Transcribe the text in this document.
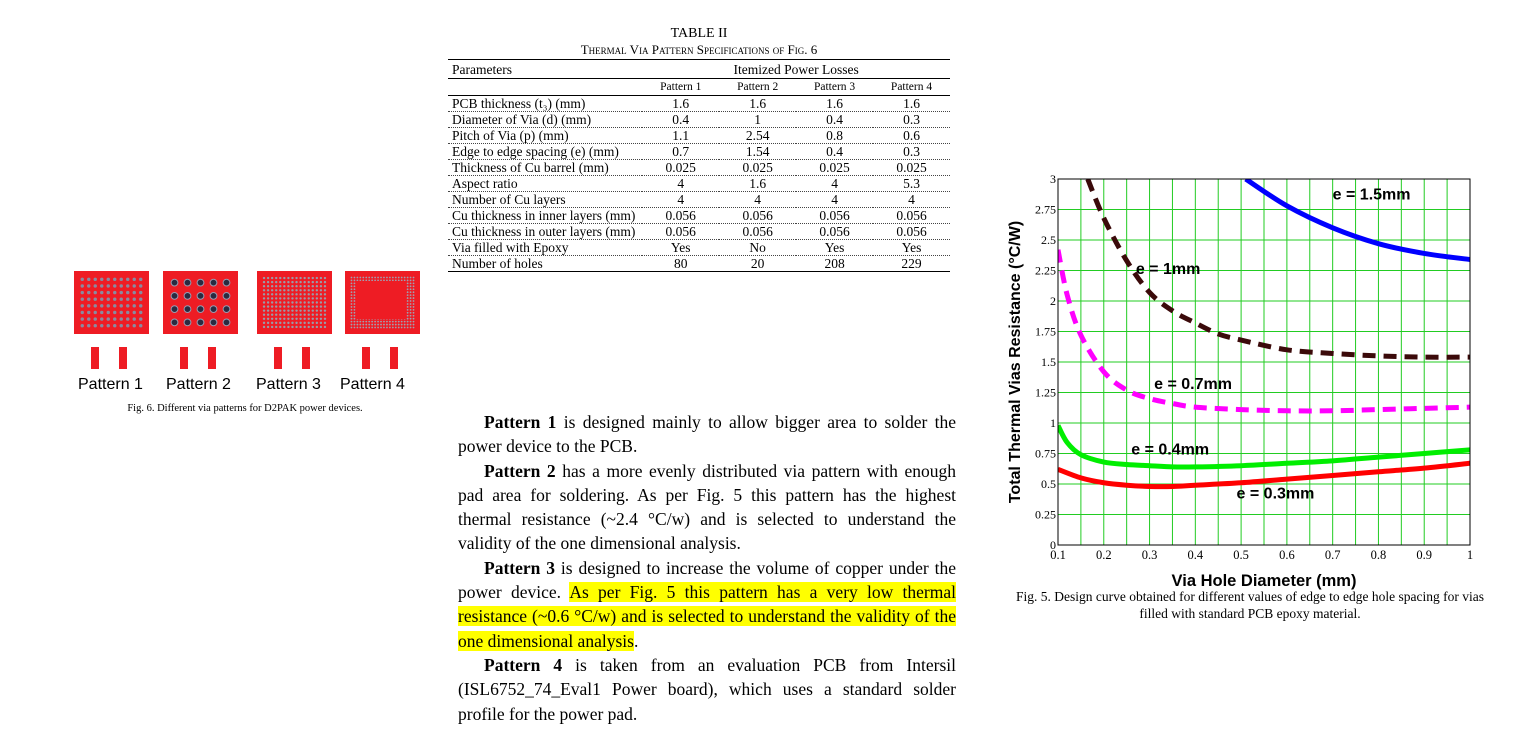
Pattern 1 Pattern 2 Pattern 3 Pattern 4
Fig. 6. Different via patterns for D2PAK power devices.
TABLE II
Thermal Via Pattern Specifications of Fig. 6
Parameters	Itemized Power Losses			
	Pattern 1	Pattern 2	Pattern 3	Pattern 4
PCB thickness (t₃) (mm)	1.6	1.6	1.6	1.6
Diameter of Via (d) (mm)	0.4	1	0.4	0.3
Pitch of Via (p) (mm)	1.1	2.54	0.8	0.6
Edge to edge spacing (e) (mm)	0.7	1.54	0.4	0.3
Thickness of Cu barrel (mm)	0.025	0.025	0.025	0.025
Aspect ratio	4	1.6	4	5.3
Number of Cu layers	4	4	4	4
Cu thickness in inner layers (mm)	0.056	0.056	0.056	0.056
Cu thickness in outer layers (mm)	0.056	0.056	0.056	0.056
Via filled with Epoxy	Yes	No	Yes	Yes
Number of holes	80	20	208	229

Pattern 1 is designed mainly to allow bigger area to solder the power device to the PCB.

Pattern 2 has a more evenly distributed via pattern with enough pad area for soldering. As per Fig. 5 this pattern has the highest thermal resistance (~2.4 °C/w) and is selected to understand the validity of the one dimensional analysis.

Pattern 3 is designed to increase the volume of copper under the power device. As per Fig. 5 this pattern has a very low thermal resistance (~0.6 °C/w) and is selected to understand the validity of the one dimensional analysis.

Pattern 4 is taken from an evaluation PCB from Intersil (ISL6752_74_Eval1 Power board), which uses a standard solder profile for the power pad.

0.1 0.2 0.3 0.4 0.5 0.6 0.7 0.8 0.9	1
0
0.25
0.5
0.75
1
1.25
1.5
1.75
2
2.25
2.5
2.75
3
e = 1.5mm
e = 1mm
e = 0.7mm
e = 0.4mm
e = 0.3mm
Via Hole Diameter (mm)
Total Thermal Vias Resistance (°C/W)
Fig. 5. Design curve obtained for different values of edge to edge hole spacing for vias filled with standard PCB epoxy material.
